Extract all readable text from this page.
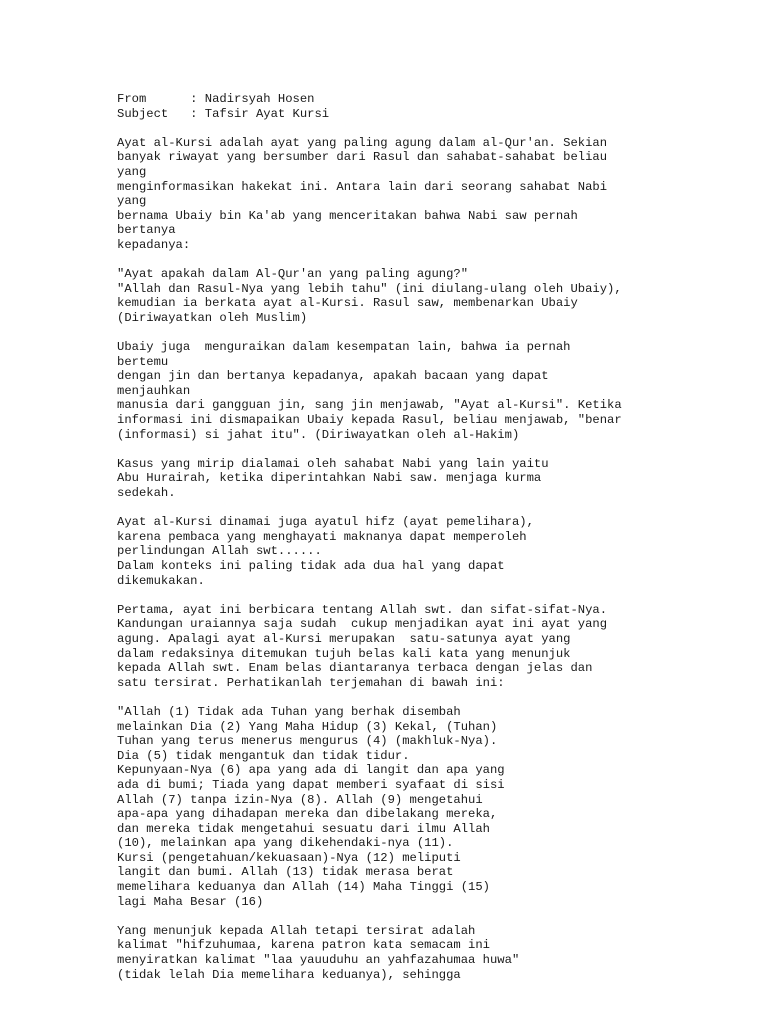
From      : Nadirsyah Hosen
Subject   : Tafsir Ayat Kursi
Ayat al-Kursi adalah ayat yang paling agung dalam al-Qur'an. Sekian
banyak riwayat yang bersumber dari Rasul dan sahabat-sahabat beliau
yang
menginformasikan hakekat ini. Antara lain dari seorang sahabat Nabi
yang
bernama Ubaiy bin Ka'ab yang menceritakan bahwa Nabi saw pernah
bertanya
kepadanya:
"Ayat apakah dalam Al-Qur'an yang paling agung?"
"Allah dan Rasul-Nya yang lebih tahu" (ini diulang-ulang oleh Ubaiy),
kemudian ia berkata ayat al-Kursi. Rasul saw, membenarkan Ubaiy
(Diriwayatkan oleh Muslim)
Ubaiy juga  menguraikan dalam kesempatan lain, bahwa ia pernah
bertemu
dengan jin dan bertanya kepadanya, apakah bacaan yang dapat
menjauhkan
manusia dari gangguan jin, sang jin menjawab, "Ayat al-Kursi". Ketika
informasi ini dismapaikan Ubaiy kepada Rasul, beliau menjawab, "benar
(informasi) si jahat itu". (Diriwayatkan oleh al-Hakim)
Kasus yang mirip dialamai oleh sahabat Nabi yang lain yaitu
Abu Hurairah, ketika diperintahkan Nabi saw. menjaga kurma
sedekah.
Ayat al-Kursi dinamai juga ayatul hifz (ayat pemelihara),
karena pembaca yang menghayati maknanya dapat memperoleh
perlindungan Allah swt......
Dalam konteks ini paling tidak ada dua hal yang dapat
dikemukakan.
Pertama, ayat ini berbicara tentang Allah swt. dan sifat-sifat-Nya.
Kandungan uraiannya saja sudah  cukup menjadikan ayat ini ayat yang
agung. Apalagi ayat al-Kursi merupakan  satu-satunya ayat yang
dalam redaksinya ditemukan tujuh belas kali kata yang menunjuk
kepada Allah swt. Enam belas diantaranya terbaca dengan jelas dan
satu tersirat. Perhatikanlah terjemahan di bawah ini:
"Allah (1) Tidak ada Tuhan yang berhak disembah
melainkan Dia (2) Yang Maha Hidup (3) Kekal, (Tuhan)
Tuhan yang terus menerus mengurus (4) (makhluk-Nya).
Dia (5) tidak mengantuk dan tidak tidur.
Kepunyaan-Nya (6) apa yang ada di langit dan apa yang
ada di bumi; Tiada yang dapat memberi syafaat di sisi
Allah (7) tanpa izin-Nya (8). Allah (9) mengetahui
apa-apa yang dihadapan mereka dan dibelakang mereka,
dan mereka tidak mengetahui sesuatu dari ilmu Allah
(10), melainkan apa yang dikehendaki-nya (11).
Kursi (pengetahuan/kekuasaan)-Nya (12) meliputi
langit dan bumi. Allah (13) tidak merasa berat
memelihara keduanya dan Allah (14) Maha Tinggi (15)
lagi Maha Besar (16)
Yang menunjuk kepada Allah tetapi tersirat adalah
kalimat "hifzuhumaa, karena patron kata semacam ini
menyiratkan kalimat "laa yauuduhu an yahfazahumaa huwa"
(tidak lelah Dia memelihara keduanya), sehingga
